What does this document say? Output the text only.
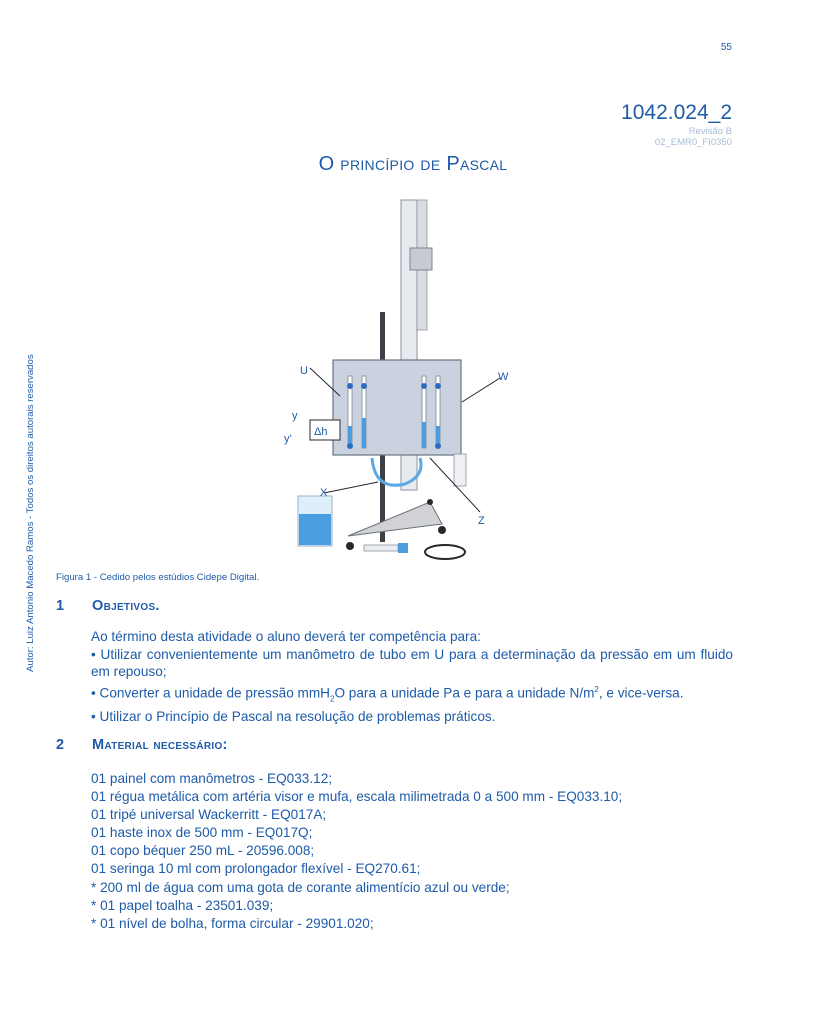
55
1042.024_2
Revisão B
02_EMR0_FI0350
O princípio de Pascal
Autor: Luiz Antonio Macedo Ramos - Todos os direitos autorais reservados	U	W
y
Δh
y’
X
Z
Figura 1 - Cedido pelos estúdios Cidepe Digital.
1 Objetivos.

Ao término desta atividade o aluno deverá ter competência para:

• Utilizar convenientemente um manômetro de tubo em U para a determinação da pressão em um fluido em repouso;

• Converter a unidade de pressão mmH$_2$O para a unidade Pa e para a unidade $N/m^2$, e vice-versa.

• Utilizar o Princípio de Pascal na resolução de problemas práticos.

2 Material necessário:
01 painel com manômetros - EQ033.12;
01 régua metálica com artéria visor e mufa, escala milimetrada 0 a 500 mm - EQ033.10;
01 tripé universal Wackerritt - EQ017A;
01 haste inox de 500 mm - EQ017Q;
01 copo béquer 250 mL - 20596.008;
01 seringa 10 ml com prolongador flexível - EQ270.61;
* 200 ml de água com uma gota de corante alimentício azul ou verde;
* 01 papel toalha - 23501.039;
* 01 nível de bolha, forma circular - 29901.020;
